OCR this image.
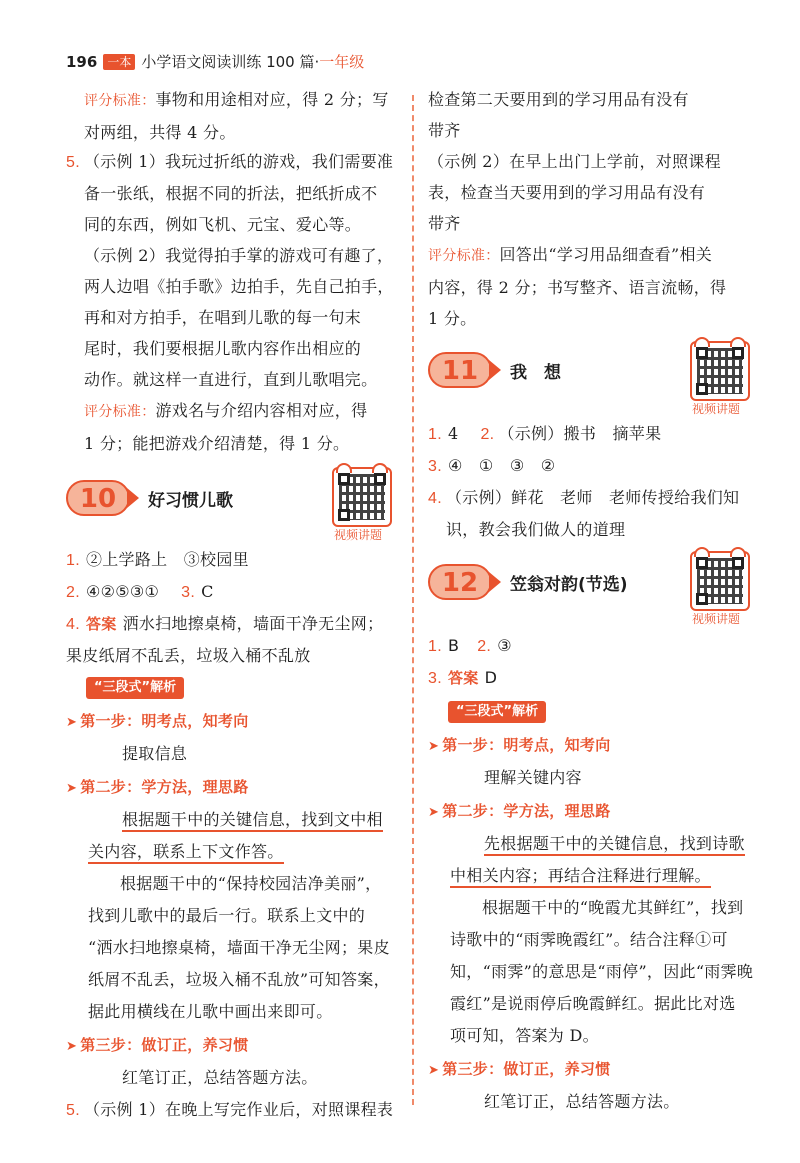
196 一本 小学语文阅读训练 100 篇·一年级
评分标准：事物和用途相对应，得 2 分；写
对两组，共得 4 分。
5. （示例 1）我玩过折纸的游戏，我们需要准
备一张纸，根据不同的折法，把纸折成不
同的东西，例如飞机、元宝、爱心等。
（示例 2）我觉得拍手掌的游戏可有趣了，
两人边唱《拍手歌》边拍手，先自己拍手，
再和对方拍手，在唱到儿歌的每一句末
尾时，我们要根据儿歌内容作出相应的
动作。就这样一直进行，直到儿歌唱完。
评分标准：游戏名与介绍内容相对应，得
1 分；能把游戏介绍清楚，得 1 分。
10	好习惯儿歌
视频讲题
1. ②上学路上　③校园里
2. ④②⑤③① 3. C
4. 答案 洒水扫地擦桌椅，墙面干净无尘网；
果皮纸屑不乱丢，垃圾入桶不乱放
“三段式”解析
➤ 第一步：明考点，知考向
提取信息
➤ 第二步：学方法，理思路
根据题干中的关键信息，找到文中相
关内容，联系上下文作答。
根据题干中的“保持校园洁净美丽”，
找到儿歌中的最后一行。联系上文中的
“洒水扫地擦桌椅，墙面干净无尘网；果皮
纸屑不乱丢，垃圾入桶不乱放”可知答案，
据此用横线在儿歌中画出来即可。
➤ 第三步：做订正，养习惯
红笔订正，总结答题方法。
5. （示例 1）在晚上写完作业后，对照课程表
检查第二天要用到的学习用品有没有
带齐
（示例 2）在早上出门上学前，对照课程
表，检查当天要用到的学习用品有没有
带齐
评分标准：回答出“学习用品细查看”相关
内容，得 2 分；书写整齐、语言流畅，得
1 分。
11	我　想
视频讲题
1. 4 2. （示例）搬书　摘苹果
3. ④　①　③　②
4. （示例）鲜花　老师　老师传授给我们知
识，教会我们做人的道理
12	笠翁对韵(节选)
视频讲题
1. B 2. ③
3. 答案 D
“三段式”解析
➤ 第一步：明考点，知考向
理解关键内容
➤ 第二步：学方法，理思路
先根据题干中的关键信息，找到诗歌
中相关内容；再结合注释进行理解。
根据题干中的“晚霞尤其鲜红”，找到
诗歌中的“雨霁晚霞红”。结合注释①可
知，“雨霁”的意思是“雨停”，因此“雨霁晚
霞红”是说雨停后晚霞鲜红。据此比对选
项可知，答案为 D。
➤ 第三步：做订正，养习惯
红笔订正，总结答题方法。
